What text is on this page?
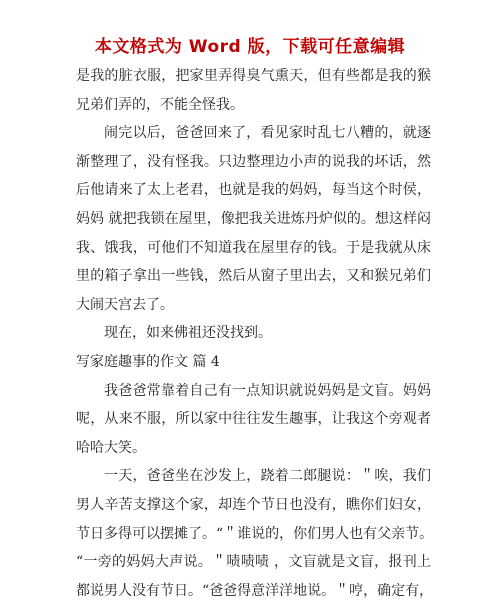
本文格式为 Word 版，下载可任意编辑
是我的脏衣服，把家里弄得臭气熏天，但有些都是我的猴
兄弟们弄的，不能全怪我。
闹完以后，爸爸回来了，看见家时乱七八糟的，就逐
渐整理了，没有怪我。只边整理边小声的说我的坏话，然
后他请来了太上老君，也就是我的妈妈，每当这个时侯，
妈妈 就把我锁在屋里，像把我关进炼丹炉似的。想这样闷
我、饿我，可他们不知道我在屋里存的钱。于是我就从床
里的箱子拿出一些钱，然后从窗子里出去，又和猴兄弟们
大闹天宫去了。
现在，如来佛祖还没找到。
写家庭趣事的作文 篇 4
我爸爸常靠着自己有一点知识就说妈妈是文盲。妈妈
呢，从来不服，所以家中往往发生趣事，让我这个旁观者
哈哈大笑。
一天，爸爸坐在沙发上，跷着二郎腿说：＂唉，我们
男人辛苦支撑这个家，却连个节日也没有，瞧你们妇女，
节日多得可以摆摊了。“＂谁说的，你们男人也有父亲节。
“一旁的妈妈大声说。＂啧啧啧 ，文盲就是文盲，报刊上
都说男人没有节日。“爸爸得意洋洋地说。＂哼，确定有，
